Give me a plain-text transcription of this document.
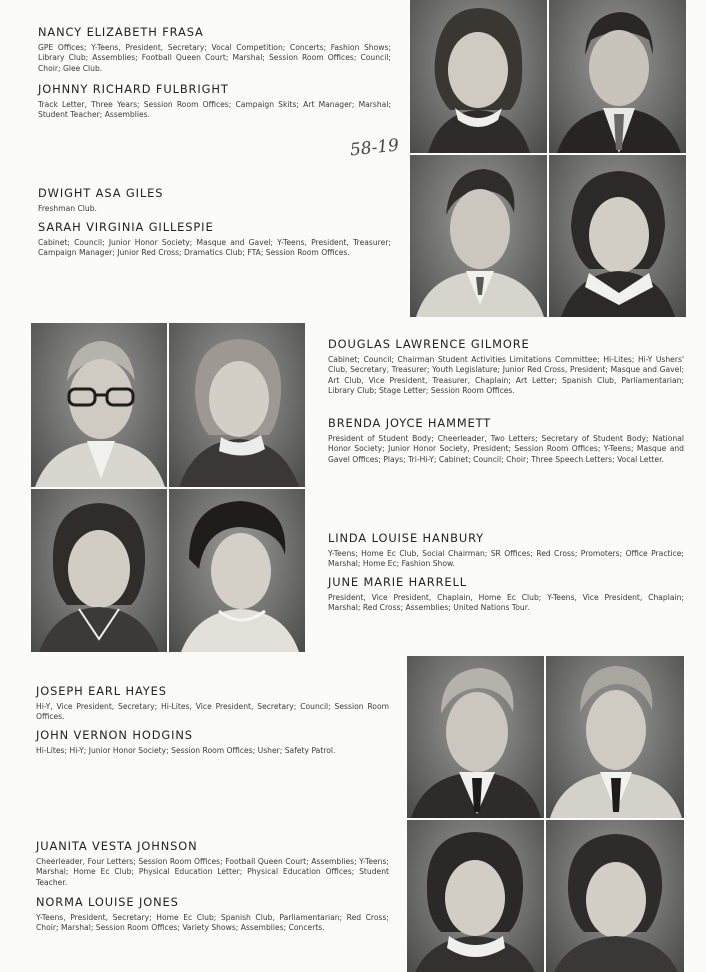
NANCY ELIZABETH FRASA
GPE Offices; Y-Teens, President, Secretary; Vocal Competition; Concerts; Fashion Shows; Library Club; Assemblies; Football Queen Court; Marshal; Session Room Offices; Council; Choir; Glee Club.
JOHNNY RICHARD FULBRIGHT
Track Letter, Three Years; Session Room Offices; Campaign Skits; Art Manager; Marshal; Student Teacher; Assemblies.
58-19
DWIGHT ASA GILES
Freshman Club.
SARAH VIRGINIA GILLESPIE
Cabinet; Council; Junior Honor Society; Masque and Gavel; Y-Teens, President, Treasurer; Campaign Manager; Junior Red Cross; Dramatics Club; FTA; Session Room Offices.
DOUGLAS LAWRENCE GILMORE
Cabinet; Council; Chairman Student Activities Limitations Committee; Hi-Lites; Hi-Y Ushers' Club, Secretary, Treasurer; Youth Legislature; Junior Red Cross, President; Masque and Gavel; Art Club, Vice President, Treasurer, Chaplain; Art Letter; Spanish Club, Parliamentarian; Library Club; Stage Letter; Session Room Offices.
BRENDA JOYCE HAMMETT
President of Student Body; Cheerleader, Two Letters; Secretary of Student Body; National Honor Society; Junior Honor Society, President; Session Room Offices; Y-Teens; Masque and Gavel Offices; Plays; Tri-Hi-Y; Cabinet; Council; Choir; Three Speech Letters; Vocal Letter.
LINDA LOUISE HANBURY
Y-Teens; Home Ec Club, Social Chairman; SR Offices; Red Cross; Promoters; Office Practice; Marshal; Home Ec; Fashion Show.
JUNE MARIE HARRELL
President, Vice President, Chaplain, Home Ec Club; Y-Teens, Vice President, Chaplain; Marshal; Red Cross; Assemblies; United Nations Tour.
JOSEPH EARL HAYES
Hi-Y, Vice President, Secretary; Hi-Lites, Vice President, Secretary; Council; Session Room Offices.
JOHN VERNON HODGINS
Hi-Lites; Hi-Y; Junior Honor Society; Session Room Offices; Usher; Safety Patrol.
JUANITA VESTA JOHNSON
Cheerleader, Four Letters; Session Room Offices; Football Queen Court; Assemblies; Y-Teens; Marshal; Home Ec Club; Physical Education Letter; Physical Education Offices; Student Teacher.
NORMA LOUISE JONES
Y-Teens, President, Secretary; Home Ec Club; Spanish Club, Parliamentarian; Red Cross; Choir; Marshal; Session Room Offices; Variety Shows; Assemblies; Concerts.
